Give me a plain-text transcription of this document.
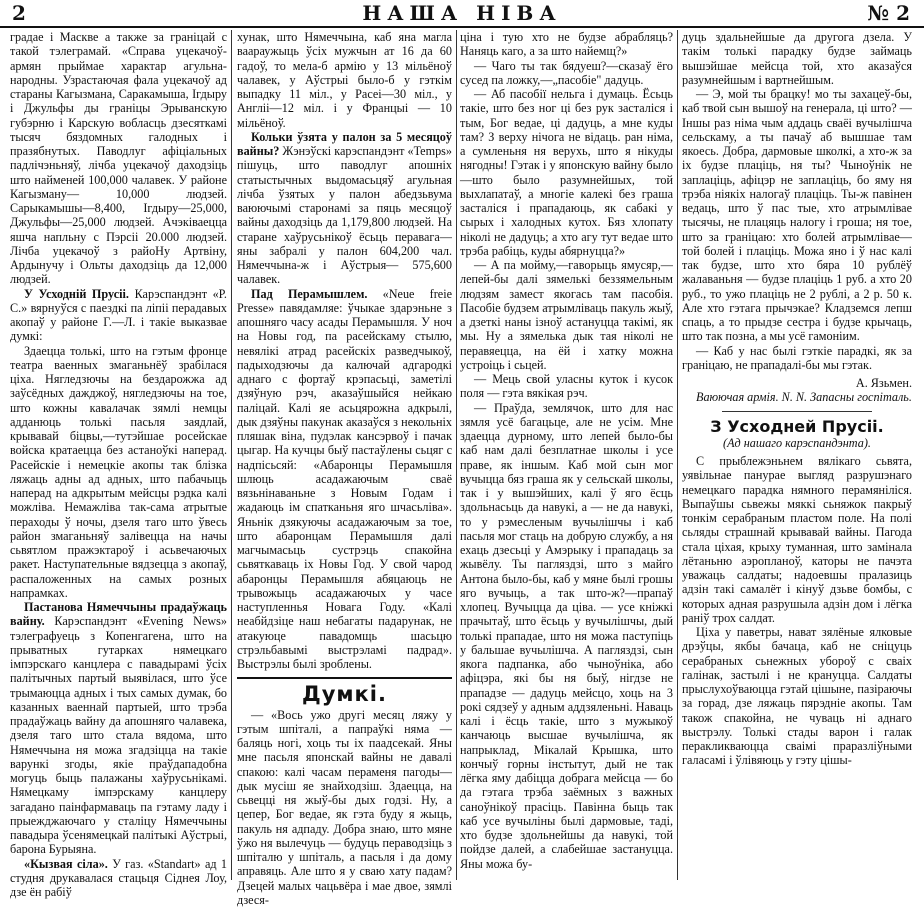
2	НАША НІВА	№ 2

градае і Маскве а также за граніцай с такой тэлеграмай. «Справа уцекачоў-армян прыймае характар агульна-народны. Узрастаючая фала уцекачоў ад стараны Кагызмана, Саракамыша, Ігдыру і Джульфы ды граніцы Эрыванскую губэрню і Карскую вобласць дзесяткамі тысяч бяздомных галодных і празябнутых. Паводлуг афіціальных падлічэньняў, лічба уцекачоў даходзіць што найменей 100,000 чалавек. У районе Кагызману— 10,000 людзей. Сарыкамышы—8,400, Ігдыру—25,000, Джульфы—25,000 людзей. Ачэківаецца яшча напльну с Пэрсіі 20.000 людзей. Лічба уцекачоў з райоНу Артвіну, Ардынучу і Ольты даходзіць да 12,000 людзей.

У Усходній Прусіі. Карэспандэнт «Р. С.» вярнуўся с паездкі па ліпіі перадавых акопаў у районе Г.—Л. і такіе выказвае думкі:

Здаецца толькі, што на гэтым фронце театра ваенных змаганьнёў зрабілася ціха. Нягледзючы на бездарожжа ад заўсёдных дажджоў, нягледзючы на тое, што кожны кавалачак зямлі немцы адданюць толькі пасьля заядлай, крывавай біцвы,—тутэйшае росейскае войска кратаецца без астаноўкі наперад. Расейскіе і немецкіе акопы так блізка ляжаць адны ад адных, што пабачыць наперад на адкрытым мейсцы рэдка калі можліва. Немажліва так-сама атрытые пераходы ў ночы, дзеля таго што ўвесь район змаганьняў залівецца на начы сьвятлом пражэктароў і асьвечаючых ракет. Наступательные вядзецца з акопаў, распаложенных на самых розных напрамках.

Пастанова Нямеччыны прадаўжаць вайну. Карэспандэнт «Evening News» тэлеграфуець з Копенгагена, што на прыватных гутарках нямецкаго імпэрскаго канцлера с павадырамі ўсіх палітычных партый выявілася, што ўсе трымаюцца адных і тых самых думак, бо казанных ваеннай партыей, што трэба прадаўжаць вайну да апошняго чалавека, дзеля таго што стала вядома, што Нямеччына ня можа згадзіцца на такіе варункі згоды, якіе праўдападобна могуць быць палажаны хаўрусьнікамі. Нямецкаму імпэрскаму канцлеру загадано паінфармаваць па гэтаму ладу і прыежджаючаго у сталіцу Нямеччыны павадыра ўсенямецкай палітыкі Аўстрыі, барона Бурыяна.

«Кызвая сіла». У газ. «Standart» ад 1 студня друкавалася стацьця Сіднея Лоу, дзе ён рабіў

хунак, што Нямеччына, каб яна магла ваараужыць ўсіх мужчын ат 16 да 60 гадоў, то мела-б армію у 13 мільёноў чалавек, у Аўстрыі было-б у гэткім выпадку 11 міл., у Расеі—30 міл., у Англіі—12 міл. і у Францыі — 10 мільёноў.

Кольки ўзята у палон за 5 месяцоў вайны? Жэнэўскі карэспандэнт «Temps» пішуць, што паводлуг апошніх статыстычных выдомасьцяў агульная лічба ўзятых у палон абедзьвума ваюючымі старонамі за пяць месяцоў вайны даходзіць да 1,179,800 людзей. На старане хаўрусьнікоў ёсьць перавага—яны забралі у палон 604,200 чал. Нямеччына-ж і Аўстрыя— 575,600 чалавек.

Пад Перамышлем. «Neue freie Presse» павядамляе: ўчыкае здарэньне з апошняго часу асады Перамышля. У ноч на Новы год, па расейскаму стылю, невялікі атрад расейскіх разведчыкоў, падыходзючы да калючай адгародкі аднаго с фортаў крэпасьці, заметілі дзяўную рэч, аказаўшыйся нейкаю паліцай. Калі яе асьцярожна адкрылі, дык дзяўны пакунак аказаўся з некольніх пляшак віна, пудэлак кансэрвоў і пачак цыгар. На кучцы быў пастаўлены сьцяг с надпісьсяй: «Абаронцы Перамышля шлюць асадажаючым сваё вязьнінаваньне з Новым Годам і жадаюць ім спатканьня яго шчасьліва». Яньнік дзякуючы асадажаючым за тое, што абаронцам Перамышля далі магчымасьць сустрэць спакойна сьвяткаваць іх Новы Год. У свой чарод абаронцы Перамышля абяцаюць не трывожыць асадажаючых у часе наступленнья Новага Году. «Калі неабйдзіце наш небагаты падарунак, не атакуюце павадомщь шасьцю стрэльбавымі выстрэламі падрад». Выстрэлы былі зроблены.

Думкі.

— «Вось ужо другі месяц ляжу у гэтым шпіталі, а папраўкі няма — баляць ногі, хоць ты іх паадсекай. Яны мне пасьля японскай вайны не давалі спакою: калі часам пераменя пагоды—дык мусіш яе знайходзіш. Здаецца, на сьвецці ня жыў-бы дых годзі. Ну, а цепер, Бог ведае, як гэта буду я жыць, пакуль ня адпаду. Добра знаю, што мяне ўжо ня вылечуць — будуць пераводзіць з шпіталю у шпіталь, а пасьля і да дому аправяць. Але што я у сваю хату падам? Дзецей малых чацьвёра і мае двое, зямлі дзеся-

ціна і тую хто не будзе абрабляць? Наняць каго, а за што найемщ?»

— Чаго ты так бядуеш?—сказаў ёго сусед па ложку,—„пасобіе" дадуць.

— Аб пасобії нельга і думаць. Ёсьць такіе, што без ног ці без рук засталіся і тым, Бог ведае, ці дадуць, а мне куды там? З верху нічога не відаць. ран німа, а сумленьня ня верухь, што я нікуды нягодны! Гэтак і у японскую вайну было—што было разумнейшых, той выхлапатаў, а многіе калекі без граша засталіся і прападаюць, як сабакі у сырых і халодных кутох. Бяз хлопату ніколі не дадуць; а хто агу тут ведае што трэба рабіць, куды абярнуцца?»

— А па мойму,—гаворыць ямусяр,—лепей-бы далі зямелькі беззямельным людзям замест якогась там пасобія. Пасобіе будзем атрымліваць пакуль жыў, а дзеткі наны ізноў астануцца такімі, як мы. Ну а зямелька дык тая ніколі не перавяецца, на ёй і хатку можна устроіць і сьцей.

— Мець свой уласны куток і кусок поля — гэта вякікая рэч.

— Праўда, землячок, што для нас зямля усё багацьце, але не усім. Мне здаецца дурному, што лепей было-бы каб нам далі безплатнае школы і усе праве, як іншым. Каб мой сын мог вучыцца бяз граша як у сельскай школы, так і у вышэйших, калі ў яго ёсць здольнасьць да навукі, а — не да навукі, то у рэмесленым вучылішчы і каб пасьля мог стаць на добрую службу, а ня ехаць дзесьці у Амэрыку і прападаць за жывёлу. Ты пагляздзі, што з майго Антона было-бы, каб у мяне былі грошы яго вучыць, а так што-ж?—прапаў хлопец. Вучыцца да ціва. — усе кніжкі прачытаў, што ёсьць у вучылішчы, дый толькі прападае, што ня можа паступіць у бальшае вучылішча. А пагляздзі, сын якога падпанка, або чыноўніка, або афіцэра, які бы ня быў, нігдзе не прападзе — дадуць мейсцо, хоць на 3 рокі сядзеў у адным аддзяленьні. Наваць калі і ёсць такіе, што з мужыкоў канчаюць высшае вучылішча, як напрыклад, Мікалай Крышка, што кончыў горны інстытут, дый не так лёгка яму дабіцца добрага мейсца — бо да гэтага трэба заёмных з важных саноўнікоў прасіць. Павінна быць так каб усе вучыліны былі дармовые, таді, хто будзе здольнейшы да навукі, той пойдзе далей, а слабейшае застануцца. Яны можа бу-

дуць здальнейшые да другога дзела. У такім толькі парадку будзе займаць вышэйшае мейсца той, хто аказаўся разумнейшым і вартнейшым.

— Э, мой ты брацку! мо ты захацеў-бы, каб твой сын вышоў на генерала, ці што? — Іншы раз німа чым аддаць сваёі вучылішча сельскаму, а ты пачаў аб вышшае там якоесь. Добра, дармовые школкі, а хто-ж за іх будзе плаціць, ня ты? Чыноўнік не заплаціць, афіцэр не заплаціць, бо яму ня трэба ніякіх налогаў плаціць. Ты-ж павінен ведаць, што ў пас тые, хто атрымлівае тысячы, не плацяць налогу і гроша; ня тое, што за граніцаю: хто болей атрымлівае—той болей і плаціць. Можа яно і ў нас калі так будзе, што хто бяра 10 рублёў жалаваньня — будзе плаціць 1 руб. а хто 20 руб., то ужо плаціць не 2 рублі, а 2 р. 50 к. Але хто гэтага прычэкае? Кладземся лепш спаць, а то прыдзе сестра і будзе крычаць, што так позна, а мы усё гамоніим.

— Каб у нас былі гэткіе парадкі, як за граніцаю, не прападалі-бы мы гэтак.

А. Язьмен.

Ваюючая армія. N. N. Запасны госпіталь.

З Усходней Прусіі.
(Ад нашаго карэспандэнта).

С прыблежэньнем вялікаго сьвята, уявільнае панурае выгляд разрушэнаго немецкаго парадка нямного перамяніліся. Выпаўшы сьвежы мяккі сьняжок пакрыў тонкім серабраным пластом поле. На полі сьляды страшнай крывавай вайны. Пагода стала ціхая, крыху туманная, што замінала лётаньню аэропланоў, каторы не пачэта уважаць салдаты; надоевшы пралазиць адзін такі самалёт і кінуў дзьве бомбы, с которых адная разрушыла адзін дом і лёгка раніў трох салдат.

Ціха у паветры, нават зялёные ялковые дрэўцы, якбы бачаца, каб не сніцуць серабраных сьнежных убороў с сваіх галінак, застылі і не крануцца. Салдаты прыслухоўваюцца гэтай цішыне, пазіраючы за горад, дзе ляжаць пярэдніе акопы. Там також спакойна, не чуваць ні аднаго выстрэлу. Толькі стады варон і галак перакликваюцца сваімі праразліўными галасамі і ўлівяюць у гэту цішы-
